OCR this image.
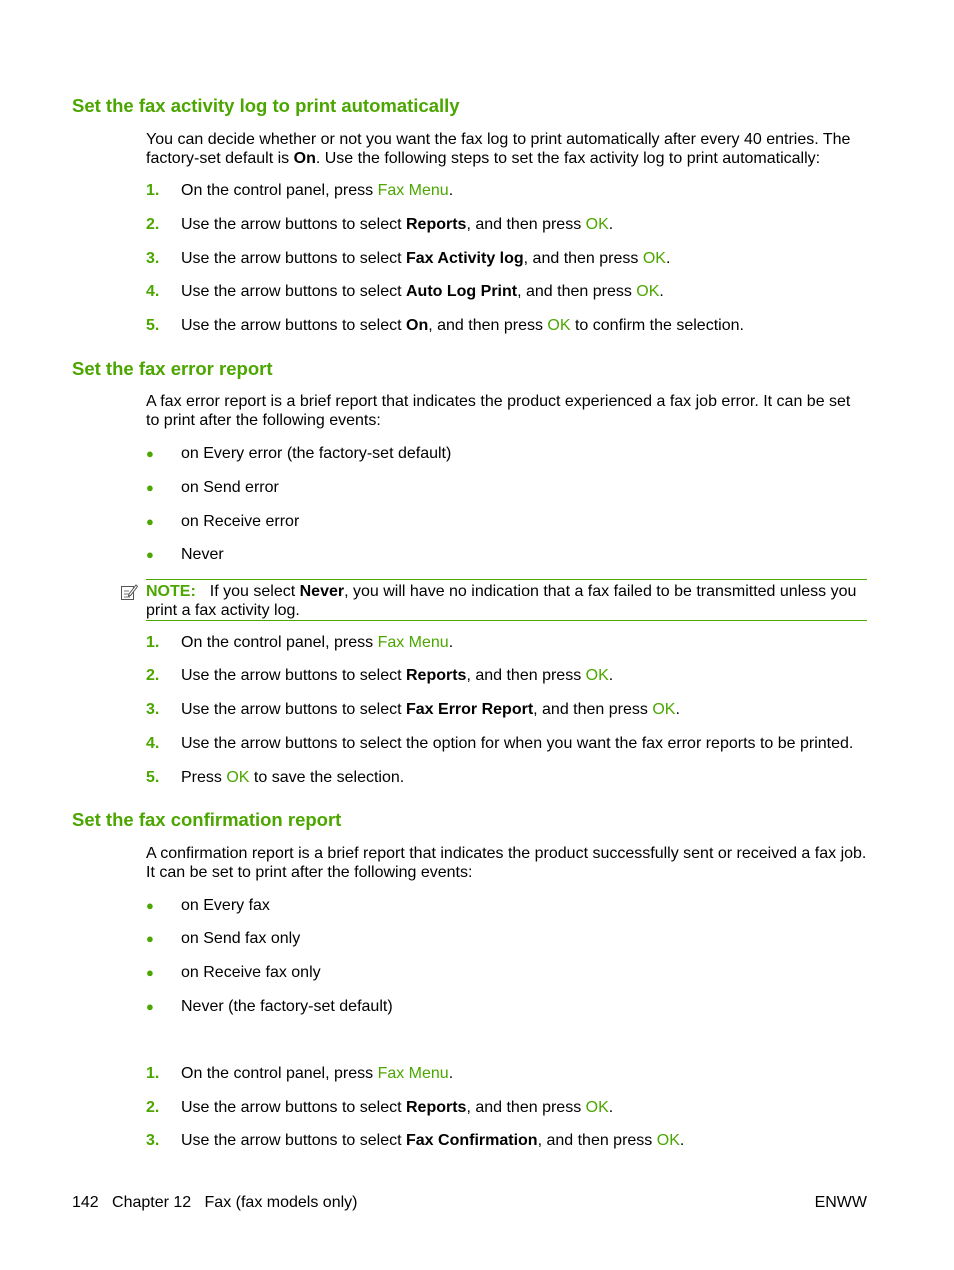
Set the fax activity log to print automatically

You can decide whether or not you want the fax log to print automatically after every 40 entries. The factory-set default is On. Use the following steps to set the fax activity log to print automatically:

1. On the control panel, press Fax Menu.
2. Use the arrow buttons to select Reports, and then press OK.
3. Use the arrow buttons to select Fax Activity log, and then press OK.
4. Use the arrow buttons to select Auto Log Print, and then press OK.
5. Use the arrow buttons to select On, and then press OK to confirm the selection.
Set the fax error report

A fax error report is a brief report that indicates the product experienced a fax job error. It can be set to print after the following events:

● on Every error (the factory-set default)
● on Send error
● on Receive error
● Never
NOTE: If you select Never, you will have no indication that a fax failed to be transmitted unless you print a fax activity log.
1. On the control panel, press Fax Menu.
2. Use the arrow buttons to select Reports, and then press OK.
3. Use the arrow buttons to select Fax Error Report, and then press OK.
4. Use the arrow buttons to select the option for when you want the fax error reports to be printed.
5. Press OK to save the selection.
Set the fax confirmation report

A confirmation report is a brief report that indicates the product successfully sent or received a fax job. It can be set to print after the following events:

● on Every fax
● on Send fax only
● on Receive fax only
● Never (the factory-set default)
1. On the control panel, press Fax Menu.
2. Use the arrow buttons to select Reports, and then press OK.
3. Use the arrow buttons to select Fax Confirmation, and then press OK.
142   Chapter 12   Fax (fax models only)	ENWW
